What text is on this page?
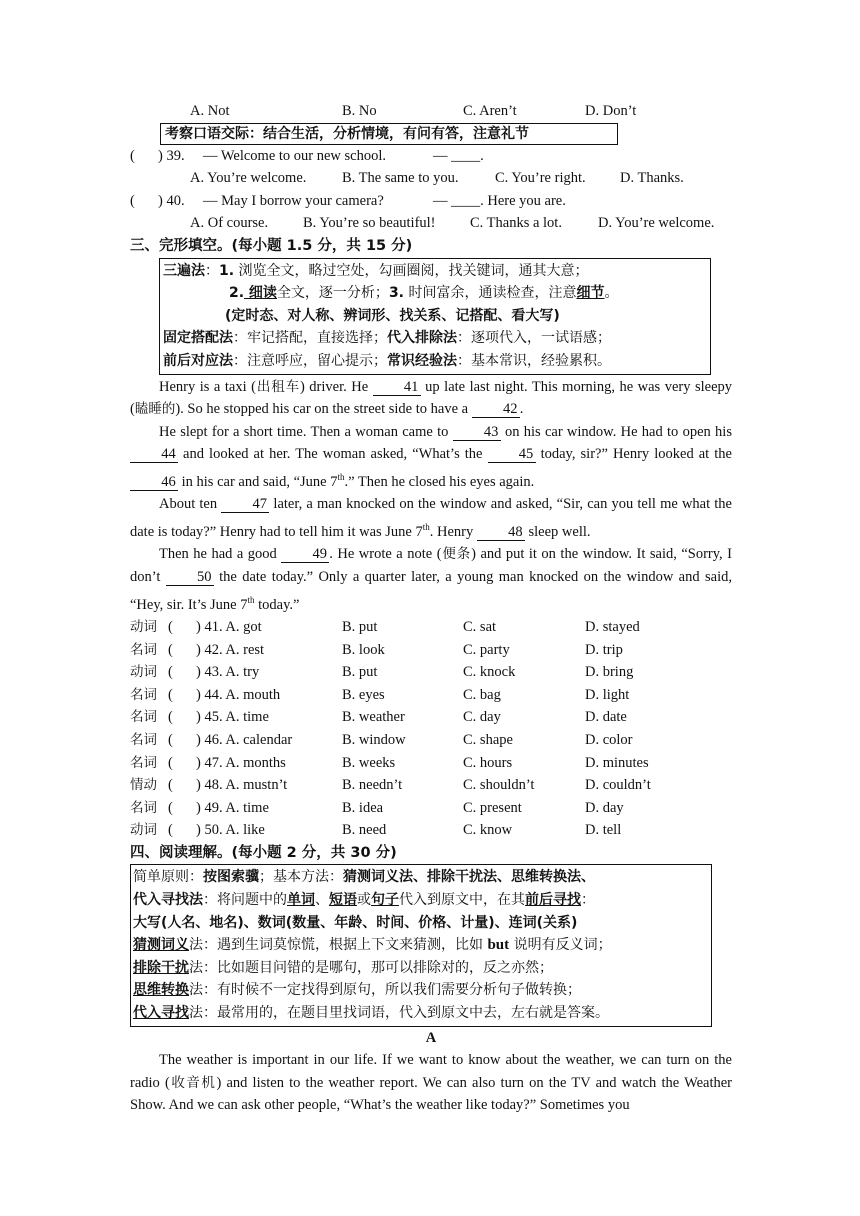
A. Not	B. No	C. Aren’t	D. Don’t
考察口语交际：结合生活，分析情境，有问有答，注意礼节
( ) 39. — Welcome to our new school.	— ____.
A. You’re welcome. B. The same to you.	C. You’re right. D. Thanks.
( ) 40. — May I borrow your camera?	— ____. Here you are.
A. Of course. B. You’re so beautiful! C. Thanks a lot. D. You’re welcome.
三、完形填空。(每小题 1.5 分，共 15 分)
三遍法：1. 浏览全文，略过空处，勾画圈阅，找关键词，通其大意；
2. 细读全文，逐一分析；3. 时间富余，通读检查，注意细节。
(定时态、对人称、辨词形、找关系、记搭配、看大写)
固定搭配法：牢记搭配，直接选择；代入排除法：逐项代入，一试语感；
前后对应法：注意呼应，留心提示；常识经验法：基本常识，经验累积。

Henry is a taxi (出租车) driver. He 41 up late last night. This morning, he was very sleepy (瞌睡的). So he stopped his car on the street side to have a 42 .

He slept for a short time. Then a woman came to 43 on his car window. He had to open his 44 and looked at her. The woman asked, “What’s the 45 today, sir?” Henry looked at the 46 in his car and said, “June 7th.” Then he closed his eyes again.

About ten 47 later, a man knocked on the window and asked, “Sir, can you tell me what the date is today?” Henry had to tell him it was June 7th. Henry 48 sleep well.

Then he had a good 49 . He wrote a note (便条) and put it on the window. It said, “Sorry, I don’t 50 the date today.” Only a quarter later, a young man knocked on the window and said, “Hey, sir. It’s June 7th today.”

动词 ( ) 41. A. got	B. put	C. sat	D. stayed
名词 ( ) 42. A. rest	B. look	C. party	D. trip
动词 ( ) 43. A. try	B. put	C. knock	D. bring
名词 ( ) 44. A. mouth	B. eyes	C. bag	D. light
名词 ( ) 45. A. time	B. weather	C. day	D. date
名词 ( ) 46. A. calendar	B. window	C. shape	D. color
名词 ( ) 47. A. months	B. weeks	C. hours	D. minutes
情动 ( ) 48. A. mustn’t	B. needn’t	C. shouldn’t	D. couldn’t
名词 ( ) 49. A. time	B. idea	C. present	D. day
动词 ( ) 50. A. like	B. need	C. know	D. tell
四、阅读理解。(每小题 2 分，共 30 分)
简单原则：按图索骥；基本方法：猜测词义法、排除干扰法、思维转换法、
代入寻找法：将问题中的单词、短语或句子代入到原文中，在其前后寻找：
大写(人名、地名)、数词(数量、年龄、时间、价格、计量)、连词(关系)
猜测词义法：遇到生词莫惊慌，根据上下文来猜测，比如 but 说明有反义词；
排除干扰法：比如题目问错的是哪句，那可以排除对的，反之亦然；
思维转换法：有时候不一定找得到原句，所以我们需要分析句子做转换；
代入寻找法：最常用的，在题目里找词语，代入到原文中去，左右就是答案。
A

The weather is important in our life. If we want to know about the weather, we can turn on the radio (收音机) and listen to the weather report. We can also turn on the TV and watch the Weather Show. And we can ask other people, “What’s the weather like today?” Sometimes you
